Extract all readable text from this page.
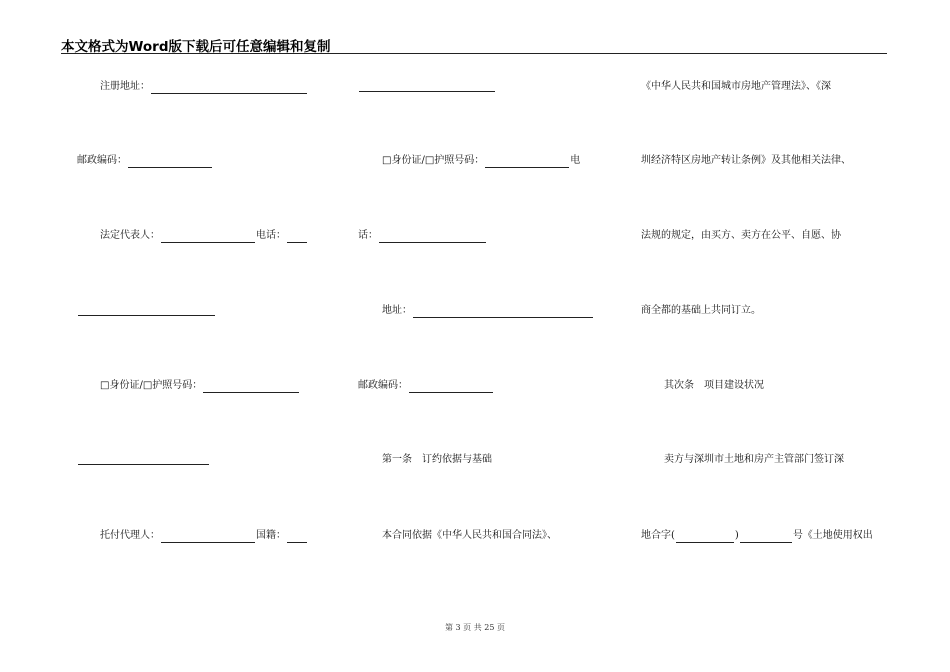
本文格式为Word版下载后可任意编辑和复制
注册地址：
邮政编码：
法定代表人：	电话：
□身份证/□护照号码：
托付代理人：	国籍：
□身份证/□护照号码：	电
话：
地址：
邮政编码：
第一条　订约依据与基础
本合同依据《中华人民共和国合同法》、
《中华人民共和国城市房地产管理法》、《深
圳经济特区房地产转让条例》及其他相关法律、
法规的规定，由买方、卖方在公平、自愿、协
商全都的基础上共同订立。
其次条　项目建设状况
卖方与深圳市土地和房产主管部门签订深
地合字(	)	号《土地使用权出
第 3 页 共 25 页
